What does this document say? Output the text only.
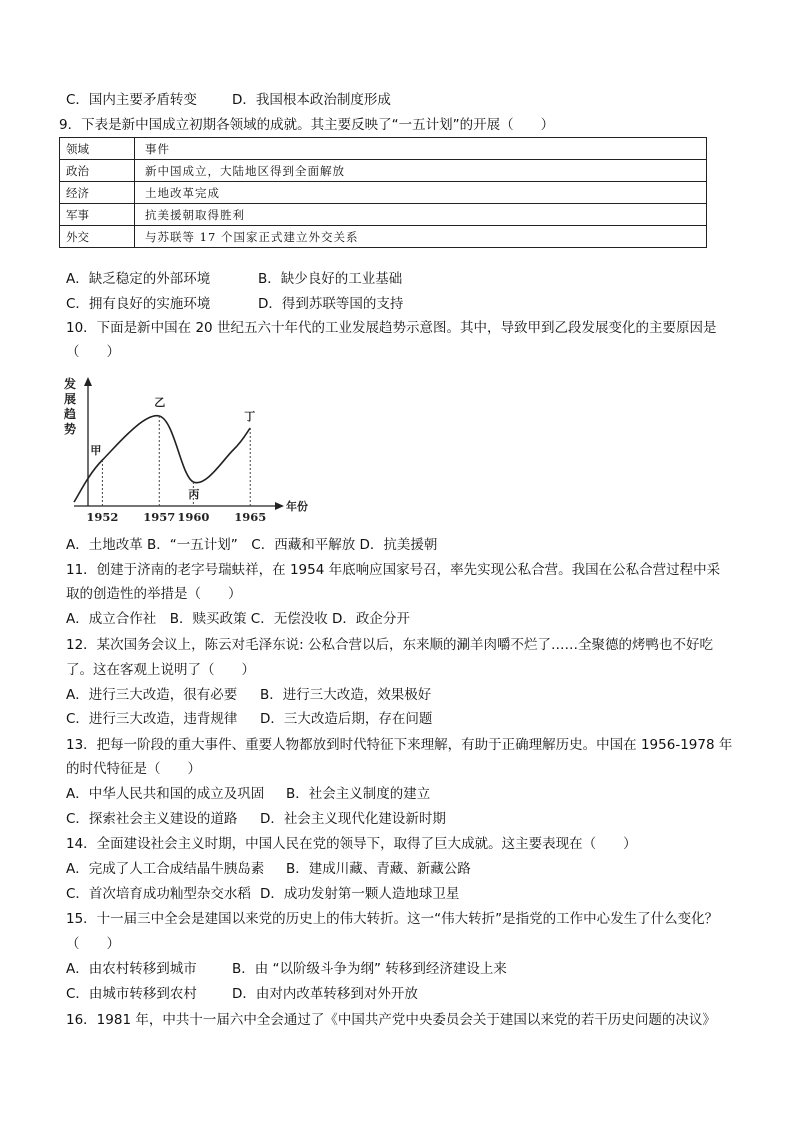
C．国内主要矛盾转变	D．我国根本政治制度形成
9．下表是新中国成立初期各领域的成就。其主要反映了“一五计划”的开展（　　）
领域	事件
政治	新中国成立，大陆地区得到全面解放
经济	土地改革完成
军事	抗美援朝取得胜利
外交	与苏联等 17 个国家正式建立外交关系
A．缺乏稳定的外部环境	B．缺少良好的工业基础
C．拥有良好的实施环境	D．得到苏联等国的支持
10．下面是新中国在 20 世纪五六十年代的工业发展趋势示意图。其中，导致甲到乙段发展变化的主要原因是
（　　）
发
展
趋
势
年份
1952
甲
1957
乙
1960
丙
1965
丁
A．土地改革 B．“一五计划”　C．西藏和平解放 D．抗美援朝
11．创建于济南的老字号瑞蚨祥，在 1954 年底响应国家号召，率先实现公私合营。我国在公私合营过程中采
取的创造性的举措是（　　）
A．成立合作社　B．赎买政策 C．无偿没收 D．政企分开
12．某次国务会议上，陈云对毛泽东说: 公私合营以后，东来顺的涮羊肉嚼不烂了……全聚德的烤鸭也不好吃
了。这在客观上说明了（　　）
A．进行三大改造，很有必要 B．进行三大改造，效果极好
C．进行三大改造，违背规律 D．三大改造后期，存在问题
13．把每一阶段的重大事件、重要人物都放到时代特征下来理解，有助于正确理解历史。中国在 1956-1978 年
的时代特征是（　　）
A．中华人民共和国的成立及巩固 B．社会主义制度的建立
C．探索社会主义建设的道路 D．社会主义现代化建设新时期
14．全面建设社会主义时期，中国人民在党的领导下，取得了巨大成就。这主要表现在（　　）
A．完成了人工合成结晶牛胰岛素 B．建成川藏、青藏、新藏公路
C．首次培育成功籼型杂交水稻 D．成功发射第一颗人造地球卫星
15．十一届三中全会是建国以来党的历史上的伟大转折。这一“伟大转折”是指党的工作中心发生了什么变化？
（　　）
A．由农村转移到城市	B．由 “以阶级斗争为纲” 转移到经济建设上来
C．由城市转移到农村	D．由对内改革转移到对外开放
16．1981 年，中共十一届六中全会通过了《中国共产党中央委员会关于建国以来党的若干历史问题的决议》
